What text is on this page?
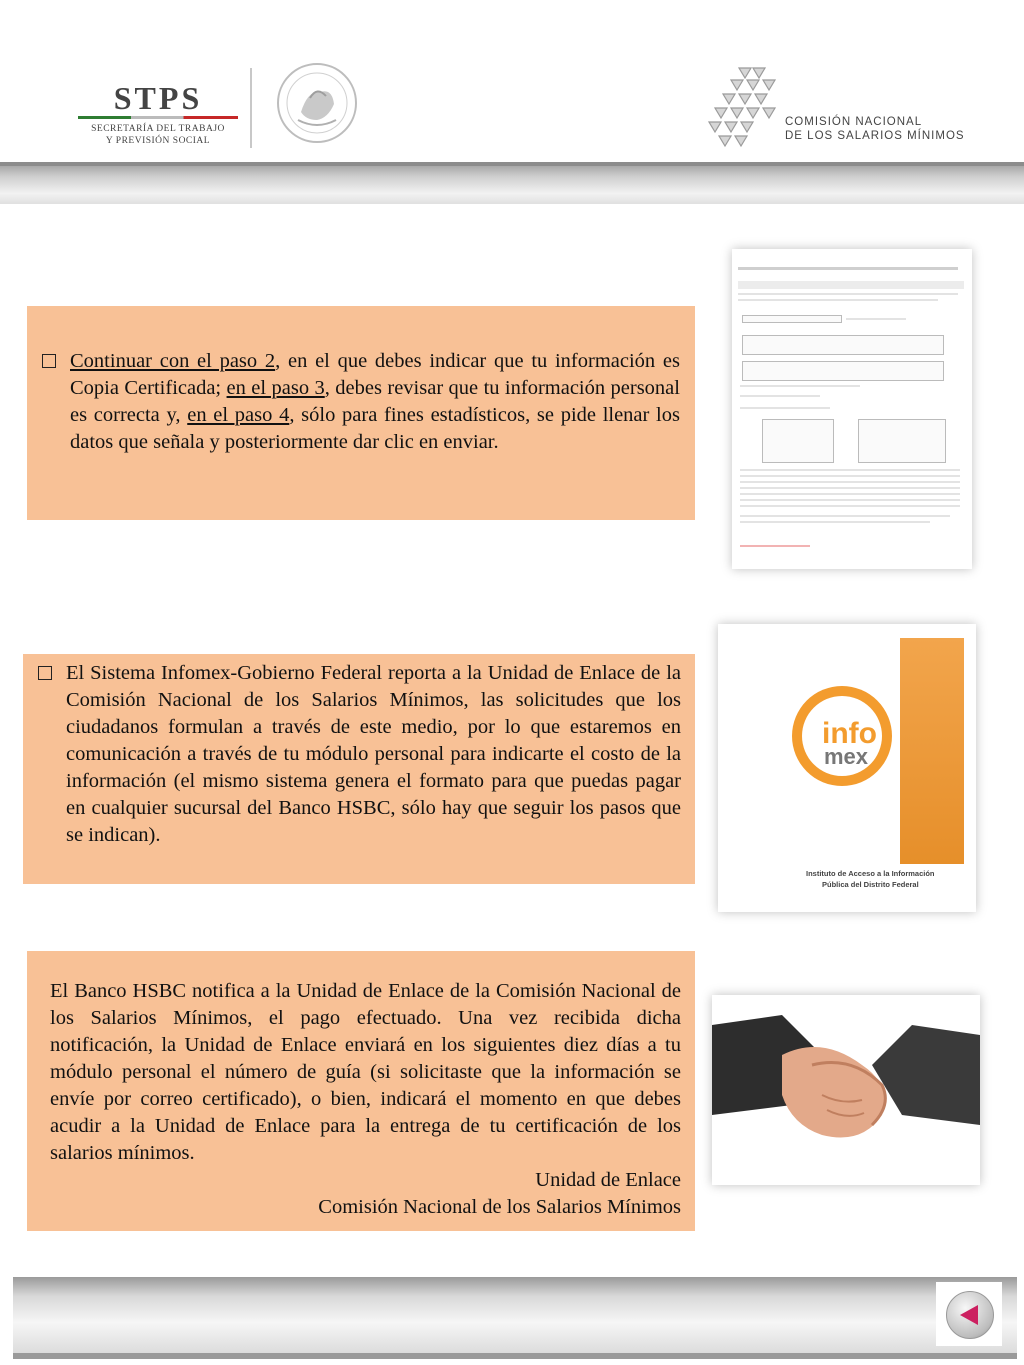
STPS
SECRETARÍA DEL TRABAJO
Y PREVISIÓN SOCIAL
COMISIÓN NACIONAL
DE LOS SALARIOS MÍNIMOS
Continuar con el paso 2, en el que debes indicar que tu información es Copia Certificada; en el paso 3, debes revisar que tu información personal es correcta y, en el paso 4, sólo para fines estadísticos, se pide llenar los datos que señala y posteriormente dar clic en enviar.
El Sistema Infomex-Gobierno Federal reporta a la Unidad de Enlace de la Comisión Nacional de los Salarios Mínimos, las solicitudes que los ciudadanos formulan a través de este medio, por lo que estaremos en comunicación a través de tu módulo personal para indicarte el costo de la información (el mismo sistema genera el formato para que puedas pagar en cualquier sucursal del Banco HSBC, sólo hay que seguir los pasos que se indican).
info
mex
Instituto de Acceso a la Información
Pública del Distrito Federal
El Banco HSBC notifica a la Unidad de Enlace de la Comisión Nacional de los Salarios Mínimos, el pago efectuado. Una vez recibida dicha notificación, la Unidad de Enlace enviará en los siguientes diez días a tu módulo personal el número de guía (si solicitaste que la información se envíe por correo certificado), o bien, indicará el momento en que debes acudir a la Unidad de Enlace para la entrega de tu certificación de los salarios mínimos.
Unidad de Enlace
Comisión Nacional de los Salarios Mínimos
